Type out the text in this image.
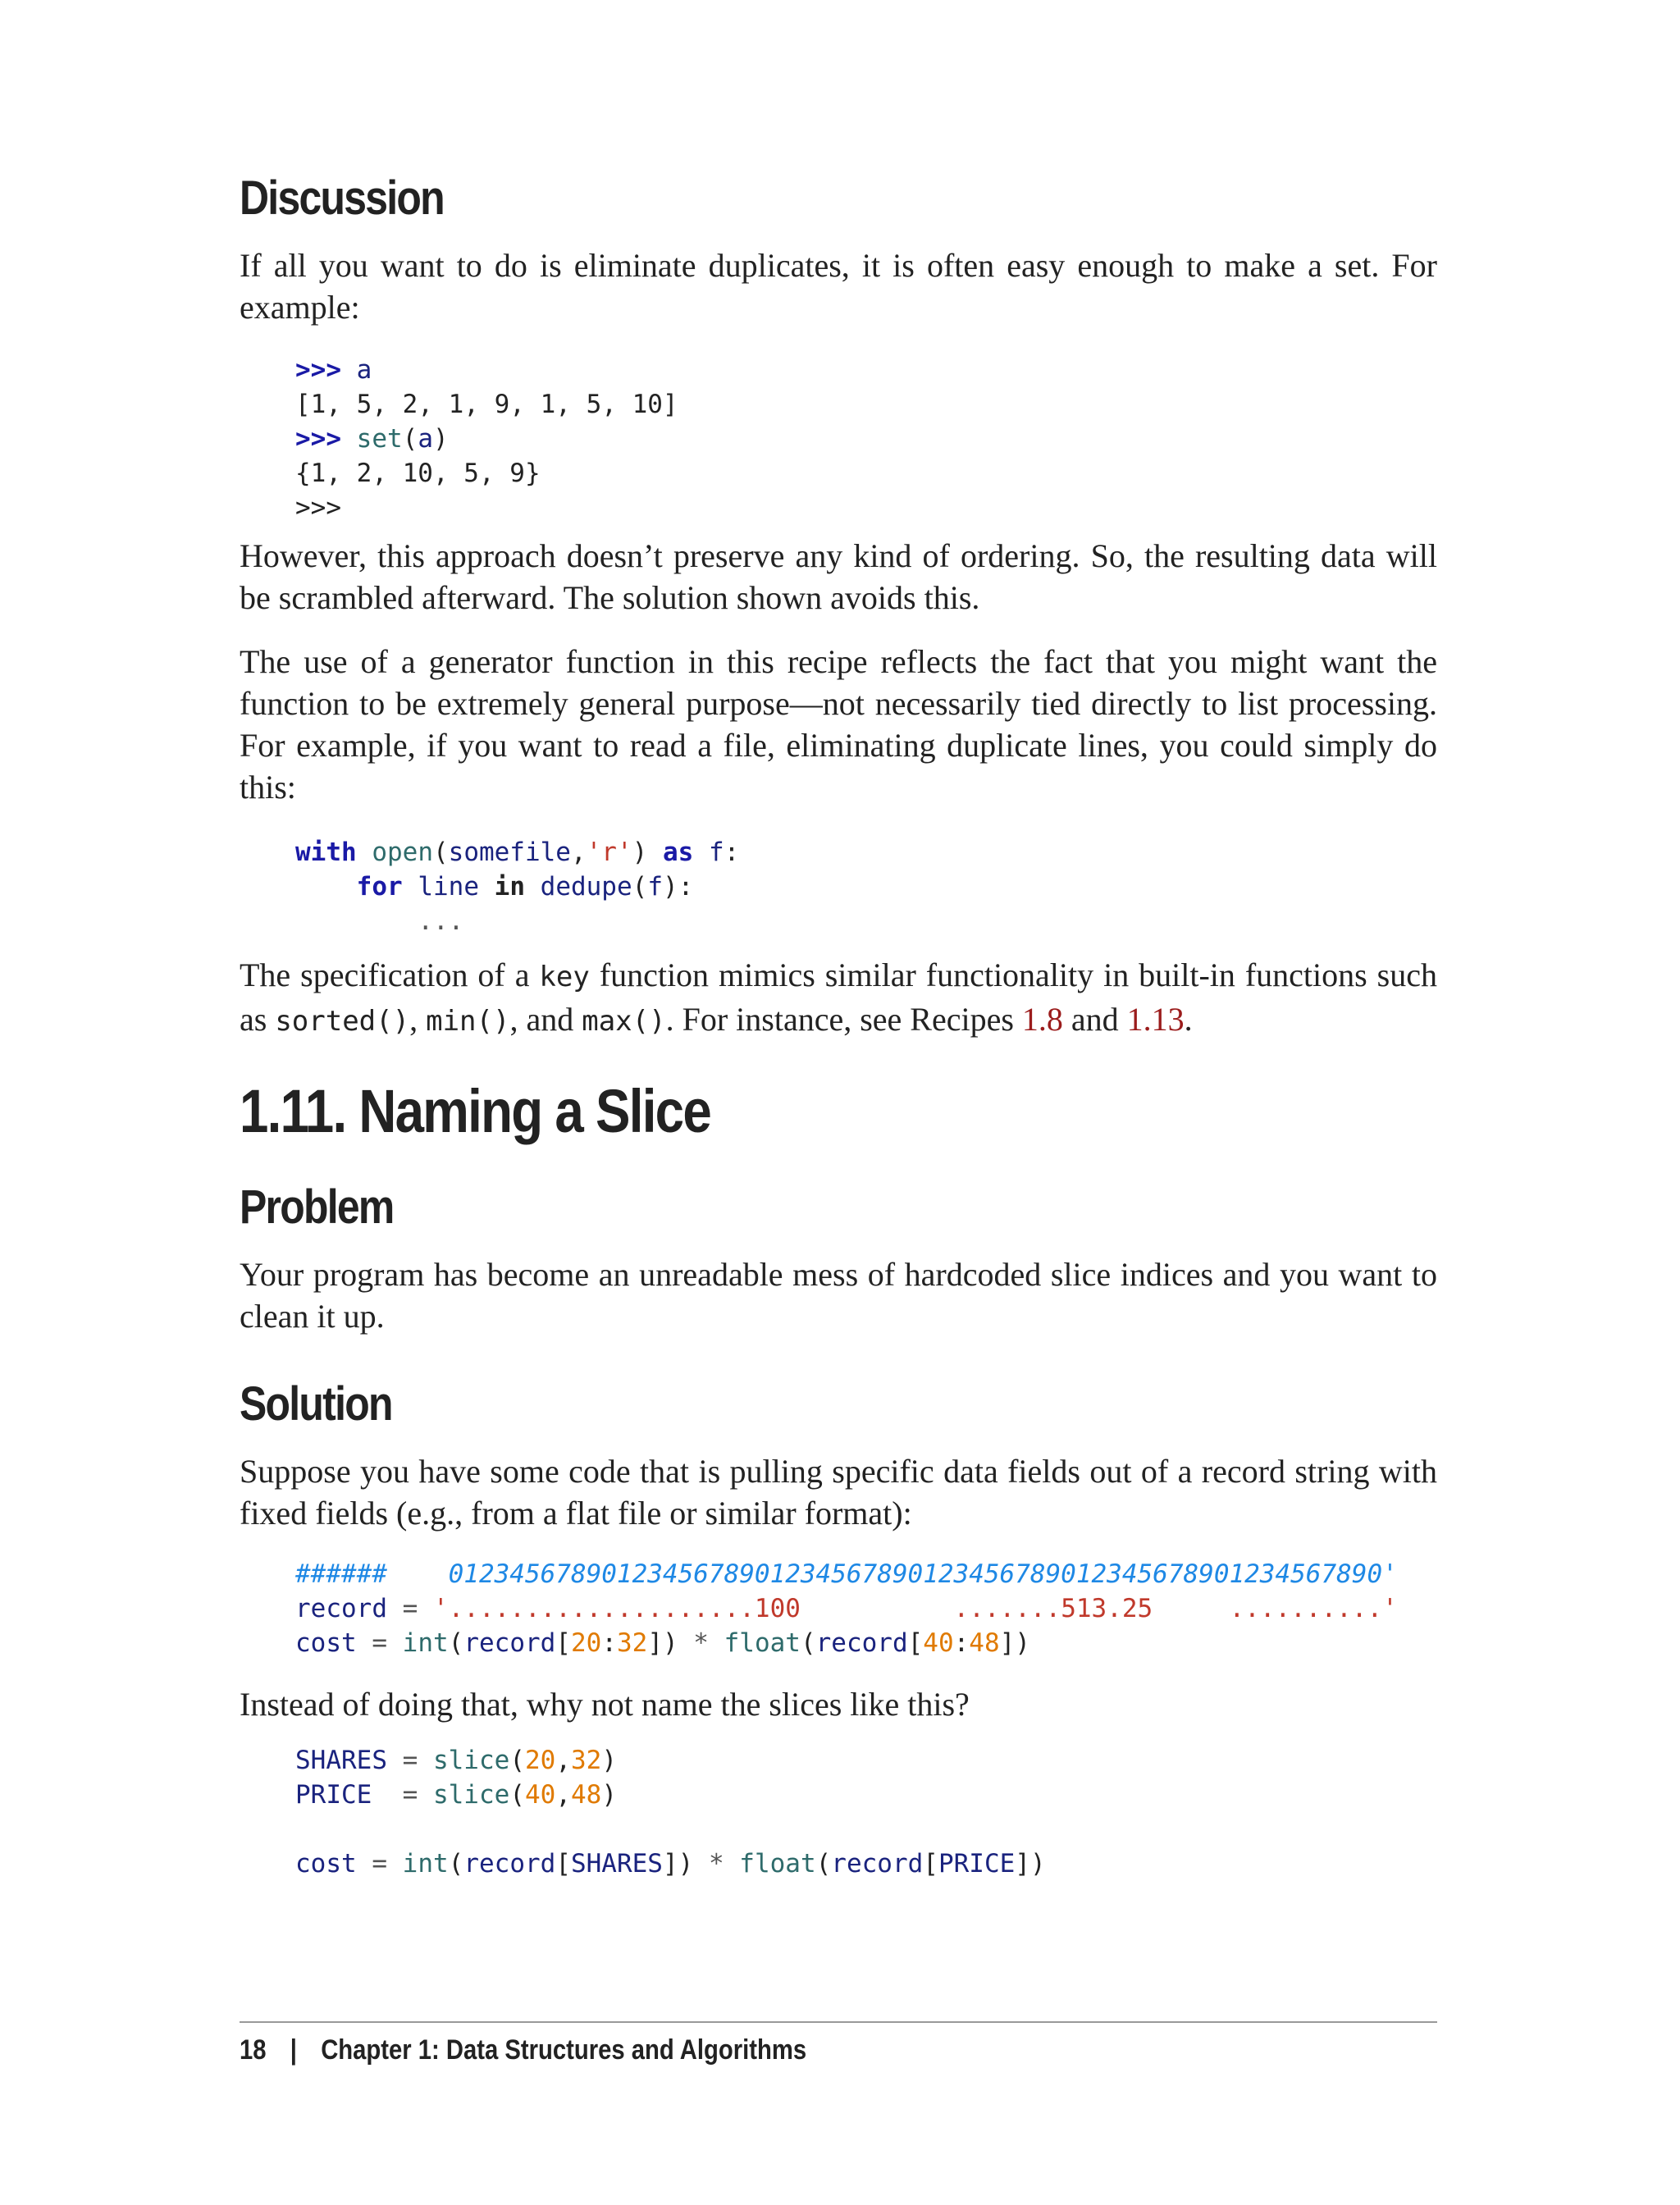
Discussion

If all you want to do is eliminate duplicates, it is often easy enough to make a set. For example:

>>> a
[1, 5, 2, 1, 9, 1, 5, 10]
>>> set(a)
{1, 2, 10, 5, 9}
>>>

However, this approach doesn’t preserve any kind of ordering. So, the resulting data will be scrambled afterward. The solution shown avoids this.

The use of a generator function in this recipe reflects the fact that you might want the function to be extremely general purpose—not necessarily tied directly to list processing. For example, if you want to read a file, eliminating duplicate lines, you could simply do this:

with open(somefile,'r') as f:
for line in dedupe(f):
...

The specification of a key function mimics similar functionality in built-in functions such as sorted(), min(), and max(). For instance, see Recipes 1.8 and 1.13.

1.11. Naming a Slice
Problem

Your program has become an unreadable mess of hardcoded slice indices and you want to clean it up.

Solution

Suppose you have some code that is pulling specific data fields out of a record string with fixed fields (e.g., from a flat file or similar format):

######    0123456789012345678901234567890123456789012345678901234567890'
record = '....................100          .......513.25     ..........'
cost = int(record[20:32]) * float(record[40:48])

Instead of doing that, why not name the slices like this?

SHARES = slice(20,32)
PRICE  = slice(40,48)

cost = int(record[SHARES]) * float(record[PRICE])
18 | Chapter 1: Data Structures and Algorithms
